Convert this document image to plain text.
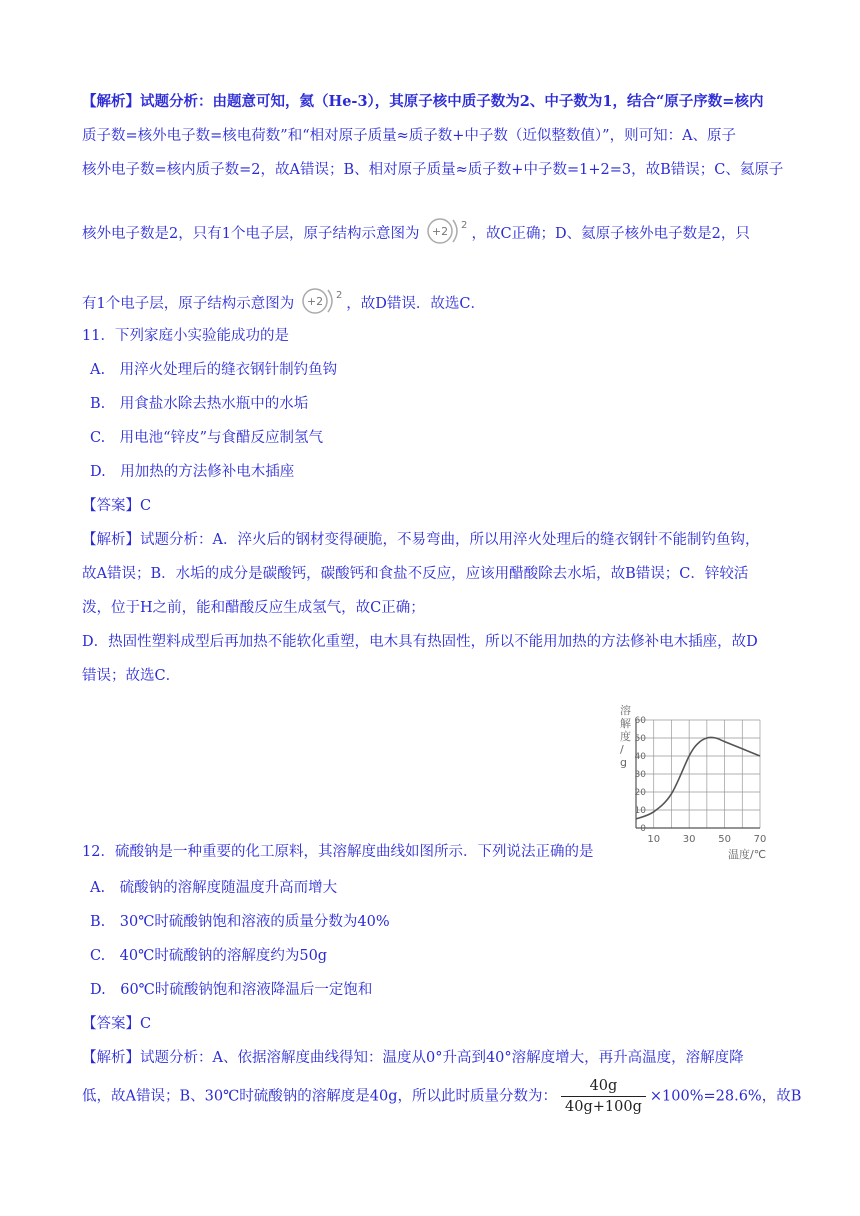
【解析】试题分析：由题意可知，氦（He-3），其原子核中质子数为2、中子数为1，结合“原子序数=核内
质子数=核外电子数=核电荷数”和“相对原子质量≈质子数+中子数（近似整数值）”，则可知：A、原子
核外电子数=核内质子数=2，故A错误；B、相对原子质量≈质子数+中子数=1+2=3，故B错误；C、氦原子
核外电子数是2，只有1个电子层，原子结构示意图为 +2 2
，故C正确；D、氦原子核外电子数是2，只
有1个电子层，原子结构示意图为 +2 2
，故D错误．故选C．
11．下列家庭小实验能成功的是
A.　用淬火处理后的缝衣钢针制钓鱼钩
B.　用食盐水除去热水瓶中的水垢
C.　用电池“锌皮”与食醋反应制氢气
D.　用加热的方法修补电木插座
【答案】C
【解析】试题分析：A．淬火后的钢材变得硬脆，不易弯曲，所以用淬火处理后的缝衣钢针不能制钓鱼钩，
故A错误；B．水垢的成分是碳酸钙，碳酸钙和食盐不反应，应该用醋酸除去水垢，故B错误；C．锌较活
泼，位于H之前，能和醋酸反应生成氢气，故C正确；
D．热固性塑料成型后再加热不能软化重塑，电木具有热固性，所以不能用加热的方法修补电木插座，故D
错误；故选C．
0
10
20
30
40
50
60
10 30 50 70
溶解度/ g
温度/℃
12．硫酸钠是一种重要的化工原料，其溶解度曲线如图所示．下列说法正确的是
A.　硫酸钠的溶解度随温度升高而增大
B.　30℃时硫酸钠饱和溶液的质量分数为40%
C.　40℃时硫酸钠的溶解度约为50g
D.　60℃时硫酸钠饱和溶液降温后一定饱和
【答案】C
【解析】试题分析：A、依据溶解度曲线得知：温度从0°升高到40°溶解度增大，再升高温度，溶解度降
低，故A错误；B、30℃时硫酸钠的溶解度是40g，所以此时质量分数为： $\frac{40g}{40g+100g} \times 100\%=28.6\%$，故B
